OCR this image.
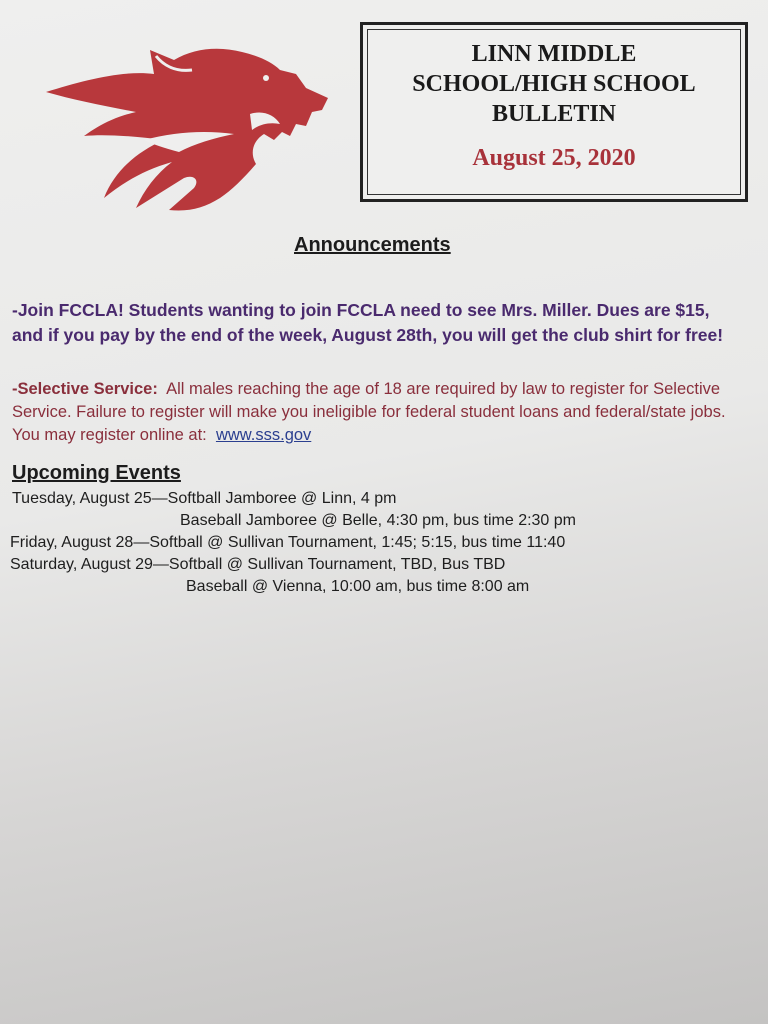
LINN MIDDLE
SCHOOL/HIGH SCHOOL
BULLETIN
August 25, 2020
Announcements
-Join FCCLA! Students wanting to join FCCLA need to see Mrs. Miller. Dues are $15, and if you pay by the end of the week, August 28th, you will get the club shirt for free!
-Selective Service: All males reaching the age of 18 are required by law to register for Selective Service. Failure to register will make you ineligible for federal student loans and federal/state jobs. You may register online at: www.sss.gov
Upcoming Events
Tuesday, August 25—Softball Jamboree @ Linn, 4 pm
Baseball Jamboree @ Belle, 4:30 pm, bus time 2:30 pm
Friday, August 28—Softball @ Sullivan Tournament, 1:45; 5:15, bus time 11:40
Saturday, August 29—Softball @ Sullivan Tournament, TBD, Bus TBD
Baseball @ Vienna, 10:00 am, bus time 8:00 am
